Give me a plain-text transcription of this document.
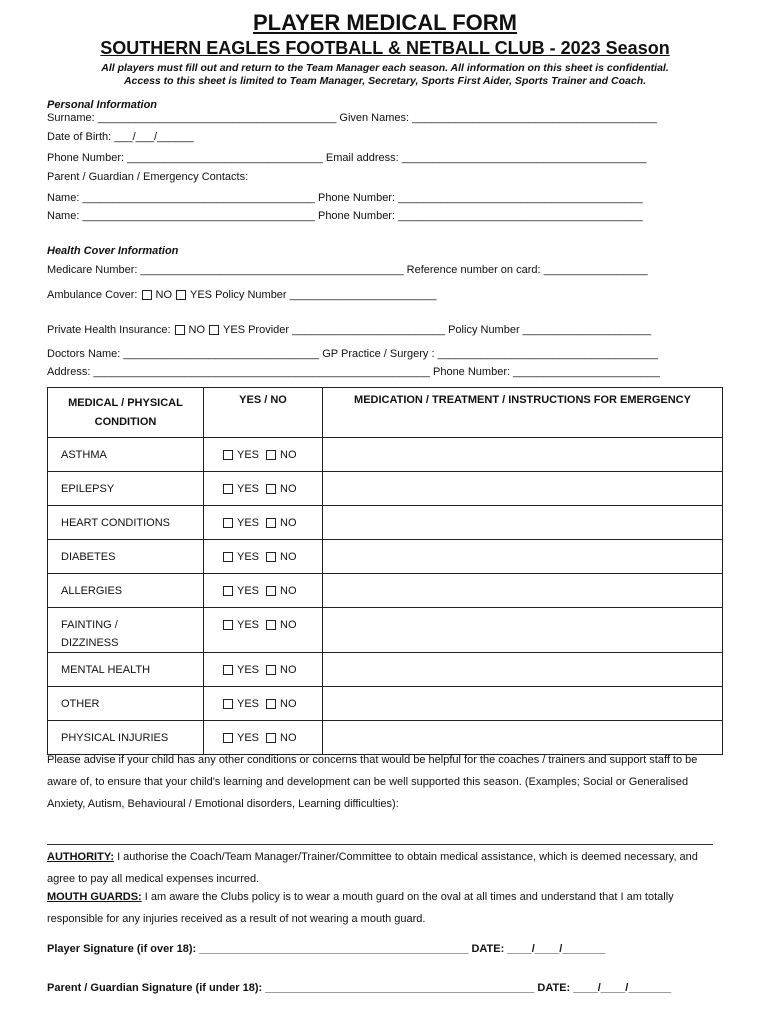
PLAYER MEDICAL FORM
SOUTHERN EAGLES FOOTBALL & NETBALL CLUB - 2023 Season
All players must fill out and return to the Team Manager each season. All information on this sheet is confidential.
Access to this sheet is limited to Team Manager, Secretary, Sports First Aider, Sports Trainer and Coach.
Personal Information
Surname: _______________________________________ Given Names: ________________________________________
Date of Birth: ___/___/______
Phone Number: ________________________________ Email address: ________________________________________
Parent / Guardian / Emergency Contacts:
Name: ______________________________________ Phone Number: ________________________________________
Name: ______________________________________ Phone Number: ________________________________________
Health Cover Information
Medicare Number: ___________________________________________ Reference number on card: _________________
Ambulance Cover: NO YES Policy Number ________________________
Private Health Insurance: NO YES Provider _________________________ Policy Number _____________________
Doctors Name: ________________________________ GP Practice / Surgery : ____________________________________
Address: _______________________________________________________ Phone Number: ________________________
MEDICAL / PHYSICAL CONDITION	YES / NO	MEDICATION / TREATMENT / INSTRUCTIONS FOR EMERGENCY

ASTHMA	YES NO	

EPILEPSY	YES NO	

HEART CONDITIONS	YES NO	

DIABETES	YES NO	

ALLERGIES	YES NO	

FAINTING / DIZZINESS	YES NO	

MENTAL HEALTH	YES NO	

OTHER	YES NO	

PHYSICAL INJURIES	YES NO	

Please advise if your child has any other conditions or concerns that would be helpful for the coaches / trainers and support staff to be aware of, to ensure that your child's learning and development can be well supported this season. (Examples; Social or Generalised Anxiety, Autism, Behavioural / Emotional disorders, Learning difficulties):
AUTHORITY: I authorise the Coach/Team Manager/Trainer/Committee to obtain medical assistance, which is deemed necessary, and agree to pay all medical expenses incurred.
MOUTH GUARDS: I am aware the Clubs policy is to wear a mouth guard on the oval at all times and understand that I am totally responsible for any injuries received as a result of not wearing a mouth guard.
Player Signature (if over 18): ____________________________________________ DATE: ____/____/_______
Parent / Guardian Signature (if under 18): ____________________________________________ DATE: ____/____/_______
